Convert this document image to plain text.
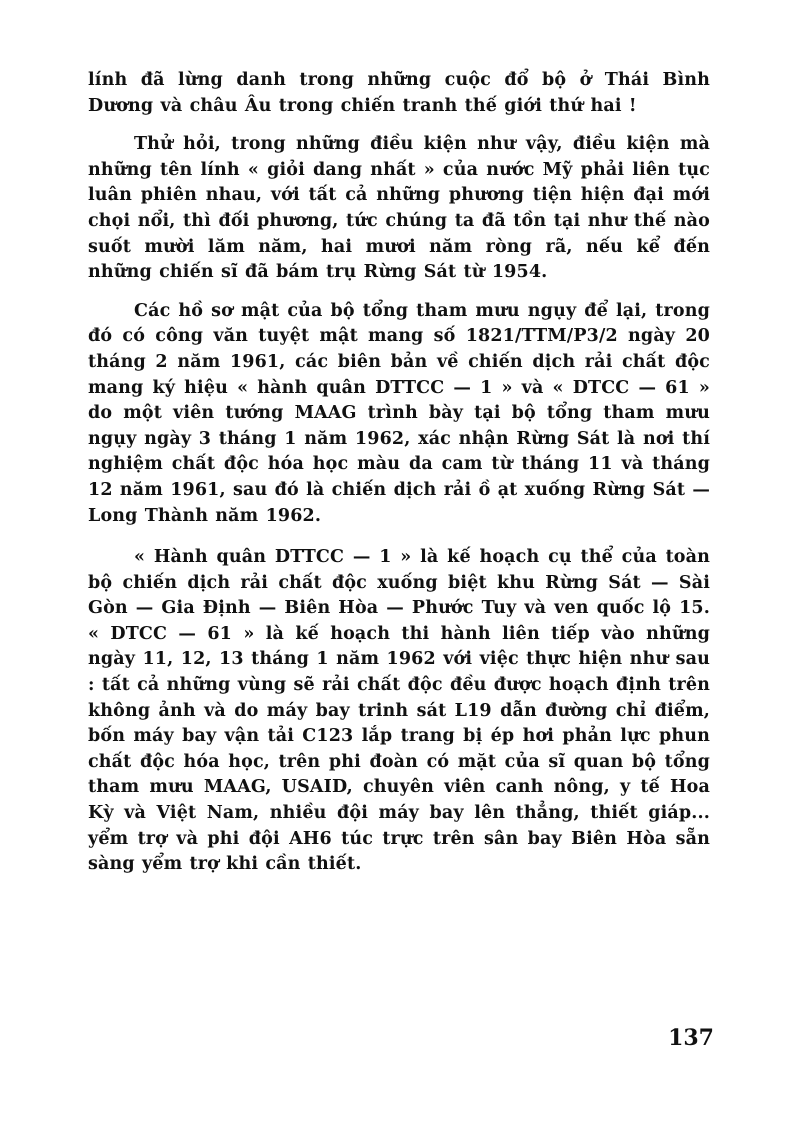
lính đã lừng danh trong những cuộc đổ bộ ở Thái Bình Dương và châu Âu trong chiến tranh thế giới thứ hai !

Thử hỏi, trong những điều kiện như vậy, điều kiện mà những tên lính « giỏi dang nhất » của nước Mỹ phải liên tục luân phiên nhau, với tất cả những phương tiện hiện đại mới chọi nổi, thì đối phương, tức chúng ta đã tồn tại như thế nào suốt mười lăm năm, hai mươi năm ròng rã, nếu kể đến những chiến sĩ đã bám trụ Rừng Sát từ 1954.

Các hồ sơ mật của bộ tổng tham mưu ngụy để lại, trong đó có công văn tuyệt mật mang số 1821/TTM/P3/2 ngày 20 tháng 2 năm 1961, các biên bản về chiến dịch rải chất độc mang ký hiệu « hành quân DTTCC — 1 » và « DTCC — 61 » do một viên tướng MAAG trình bày tại bộ tổng tham mưu ngụy ngày 3 tháng 1 năm 1962, xác nhận Rừng Sát là nơi thí nghiệm chất độc hóa học màu da cam từ tháng 11 và tháng 12 năm 1961, sau đó là chiến dịch rải ồ ạt xuống Rừng Sát — Long Thành năm 1962.

« Hành quân DTTCC — 1 » là kế hoạch cụ thể của toàn bộ chiến dịch rải chất độc xuống biệt khu Rừng Sát — Sài Gòn — Gia Định — Biên Hòa — Phước Tuy và ven quốc lộ 15. « DTCC — 61 » là kế hoạch thi hành liên tiếp vào những ngày 11, 12, 13 tháng 1 năm 1962 với việc thực hiện như sau : tất cả những vùng sẽ rải chất độc đều được hoạch định trên không ảnh và do máy bay trinh sát L19 dẫn đường chỉ điểm, bốn máy bay vận tải C123 lắp trang bị ép hơi phản lực phun chất độc hóa học, trên phi đoàn có mặt của sĩ quan bộ tổng tham mưu MAAG, USAID, chuyên viên canh nông, y tế Hoa Kỳ và Việt Nam, nhiều đội máy bay lên thẳng, thiết giáp... yểm trợ và phi đội AH6 túc trực trên sân bay Biên Hòa sẵn sàng yểm trợ khi cần thiết.

137
